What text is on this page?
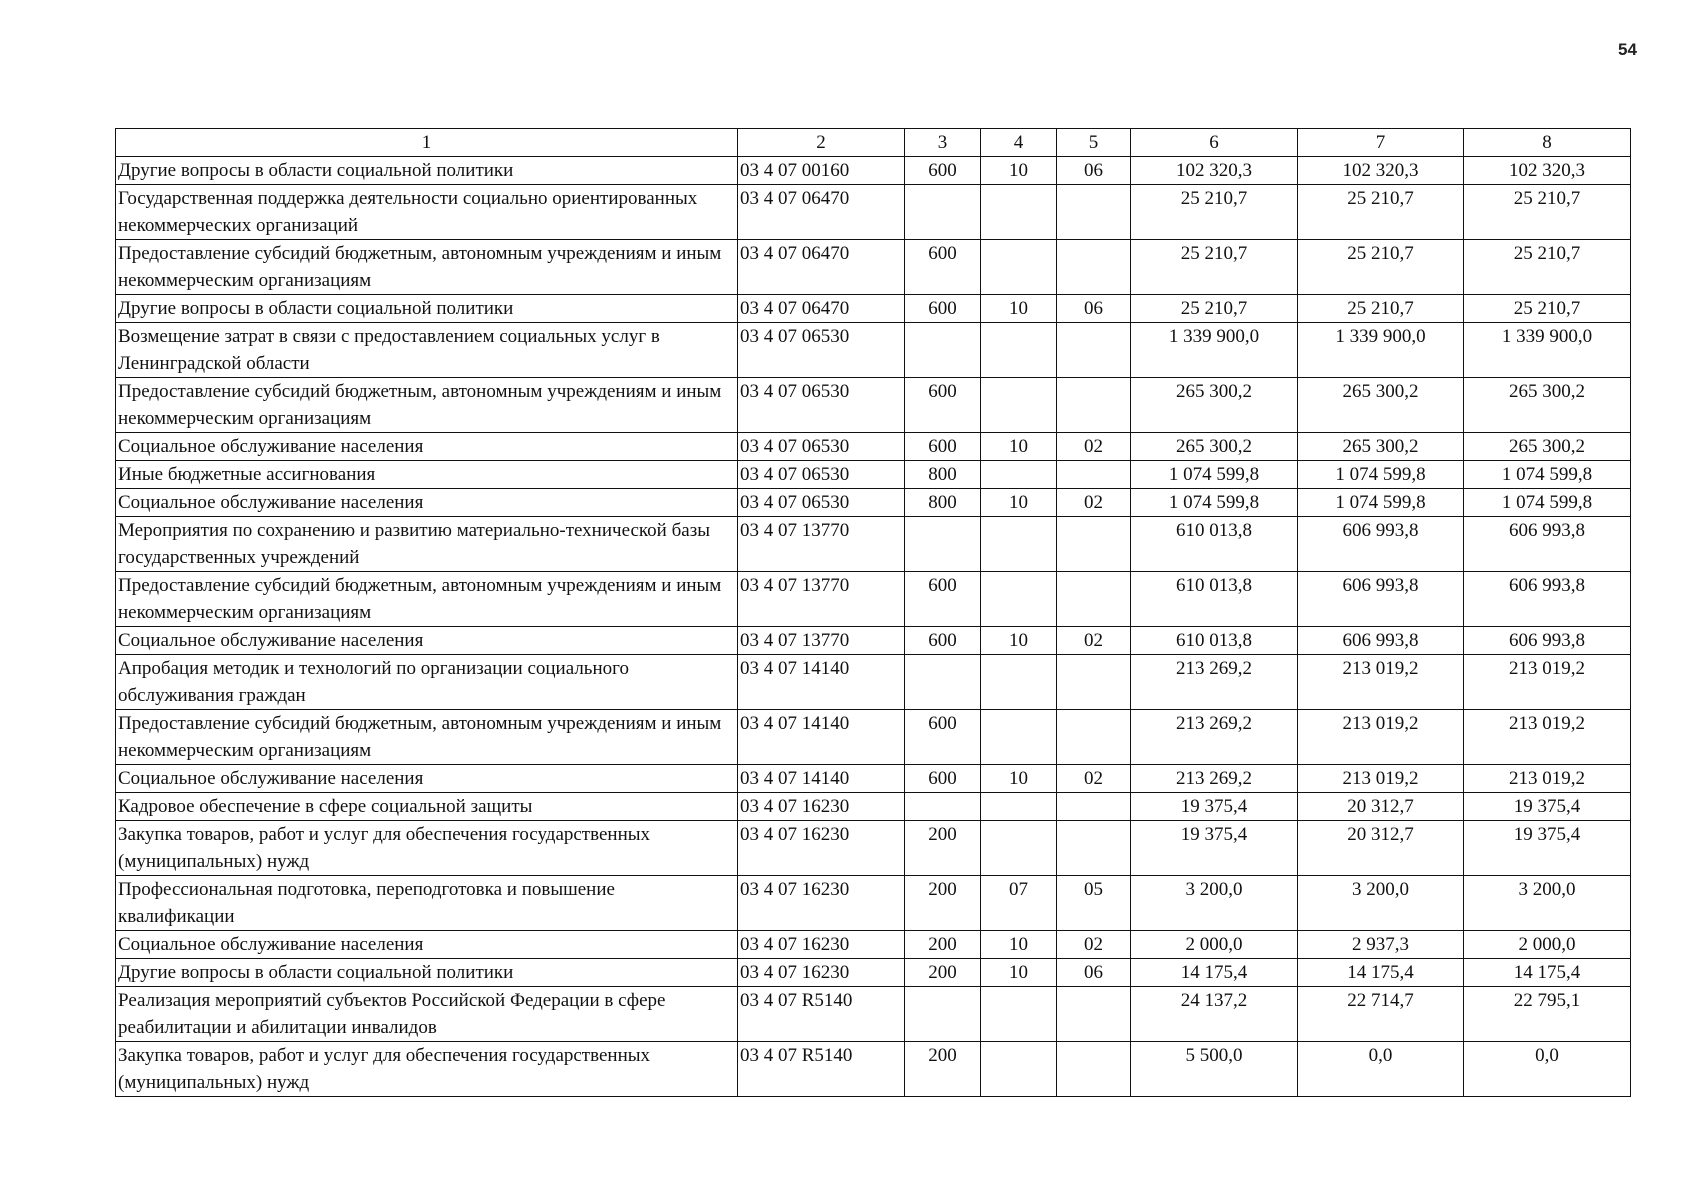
54
1	2	3	4	5	6	7	8
Другие вопросы в области социальной политики	03 4 07 00160	600	10	06	102 320,3	102 320,3	102 320,3
Государственная поддержка деятельности социально ориентированных некоммерческих организаций	03 4 07 06470				25 210,7	25 210,7	25 210,7
Предоставление субсидий бюджетным, автономным учреждениям и иным некоммерческим организациям	03 4 07 06470	600			25 210,7	25 210,7	25 210,7
Другие вопросы в области социальной политики	03 4 07 06470	600	10	06	25 210,7	25 210,7	25 210,7
Возмещение затрат в связи с предоставлением социальных услуг в Ленинградской области	03 4 07 06530				1 339 900,0	1 339 900,0	1 339 900,0
Предоставление субсидий бюджетным, автономным учреждениям и иным некоммерческим организациям	03 4 07 06530	600			265 300,2	265 300,2	265 300,2
Социальное обслуживание населения	03 4 07 06530	600	10	02	265 300,2	265 300,2	265 300,2
Иные бюджетные ассигнования	03 4 07 06530	800			1 074 599,8	1 074 599,8	1 074 599,8
Социальное обслуживание населения	03 4 07 06530	800	10	02	1 074 599,8	1 074 599,8	1 074 599,8
Мероприятия по сохранению и развитию материально-технической базы государственных учреждений	03 4 07 13770				610 013,8	606 993,8	606 993,8
Предоставление субсидий бюджетным, автономным учреждениям и иным некоммерческим организациям	03 4 07 13770	600			610 013,8	606 993,8	606 993,8
Социальное обслуживание населения	03 4 07 13770	600	10	02	610 013,8	606 993,8	606 993,8
Апробация методик и технологий по организации социального обслуживания граждан	03 4 07 14140				213 269,2	213 019,2	213 019,2
Предоставление субсидий бюджетным, автономным учреждениям и иным некоммерческим организациям	03 4 07 14140	600			213 269,2	213 019,2	213 019,2
Социальное обслуживание населения	03 4 07 14140	600	10	02	213 269,2	213 019,2	213 019,2
Кадровое обеспечение в сфере социальной защиты	03 4 07 16230				19 375,4	20 312,7	19 375,4
Закупка товаров, работ и услуг для обеспечения государственных (муниципальных) нужд	03 4 07 16230	200			19 375,4	20 312,7	19 375,4
Профессиональная подготовка, переподготовка и повышение квалификации	03 4 07 16230	200	07	05	3 200,0	3 200,0	3 200,0
Социальное обслуживание населения	03 4 07 16230	200	10	02	2 000,0	2 937,3	2 000,0
Другие вопросы в области социальной политики	03 4 07 16230	200	10	06	14 175,4	14 175,4	14 175,4
Реализация мероприятий субъектов Российской Федерации в сфере реабилитации и абилитации инвалидов	03 4 07 R5140				24 137,2	22 714,7	22 795,1
Закупка товаров, работ и услуг для обеспечения государственных (муниципальных) нужд	03 4 07 R5140	200			5 500,0	0,0	0,0
